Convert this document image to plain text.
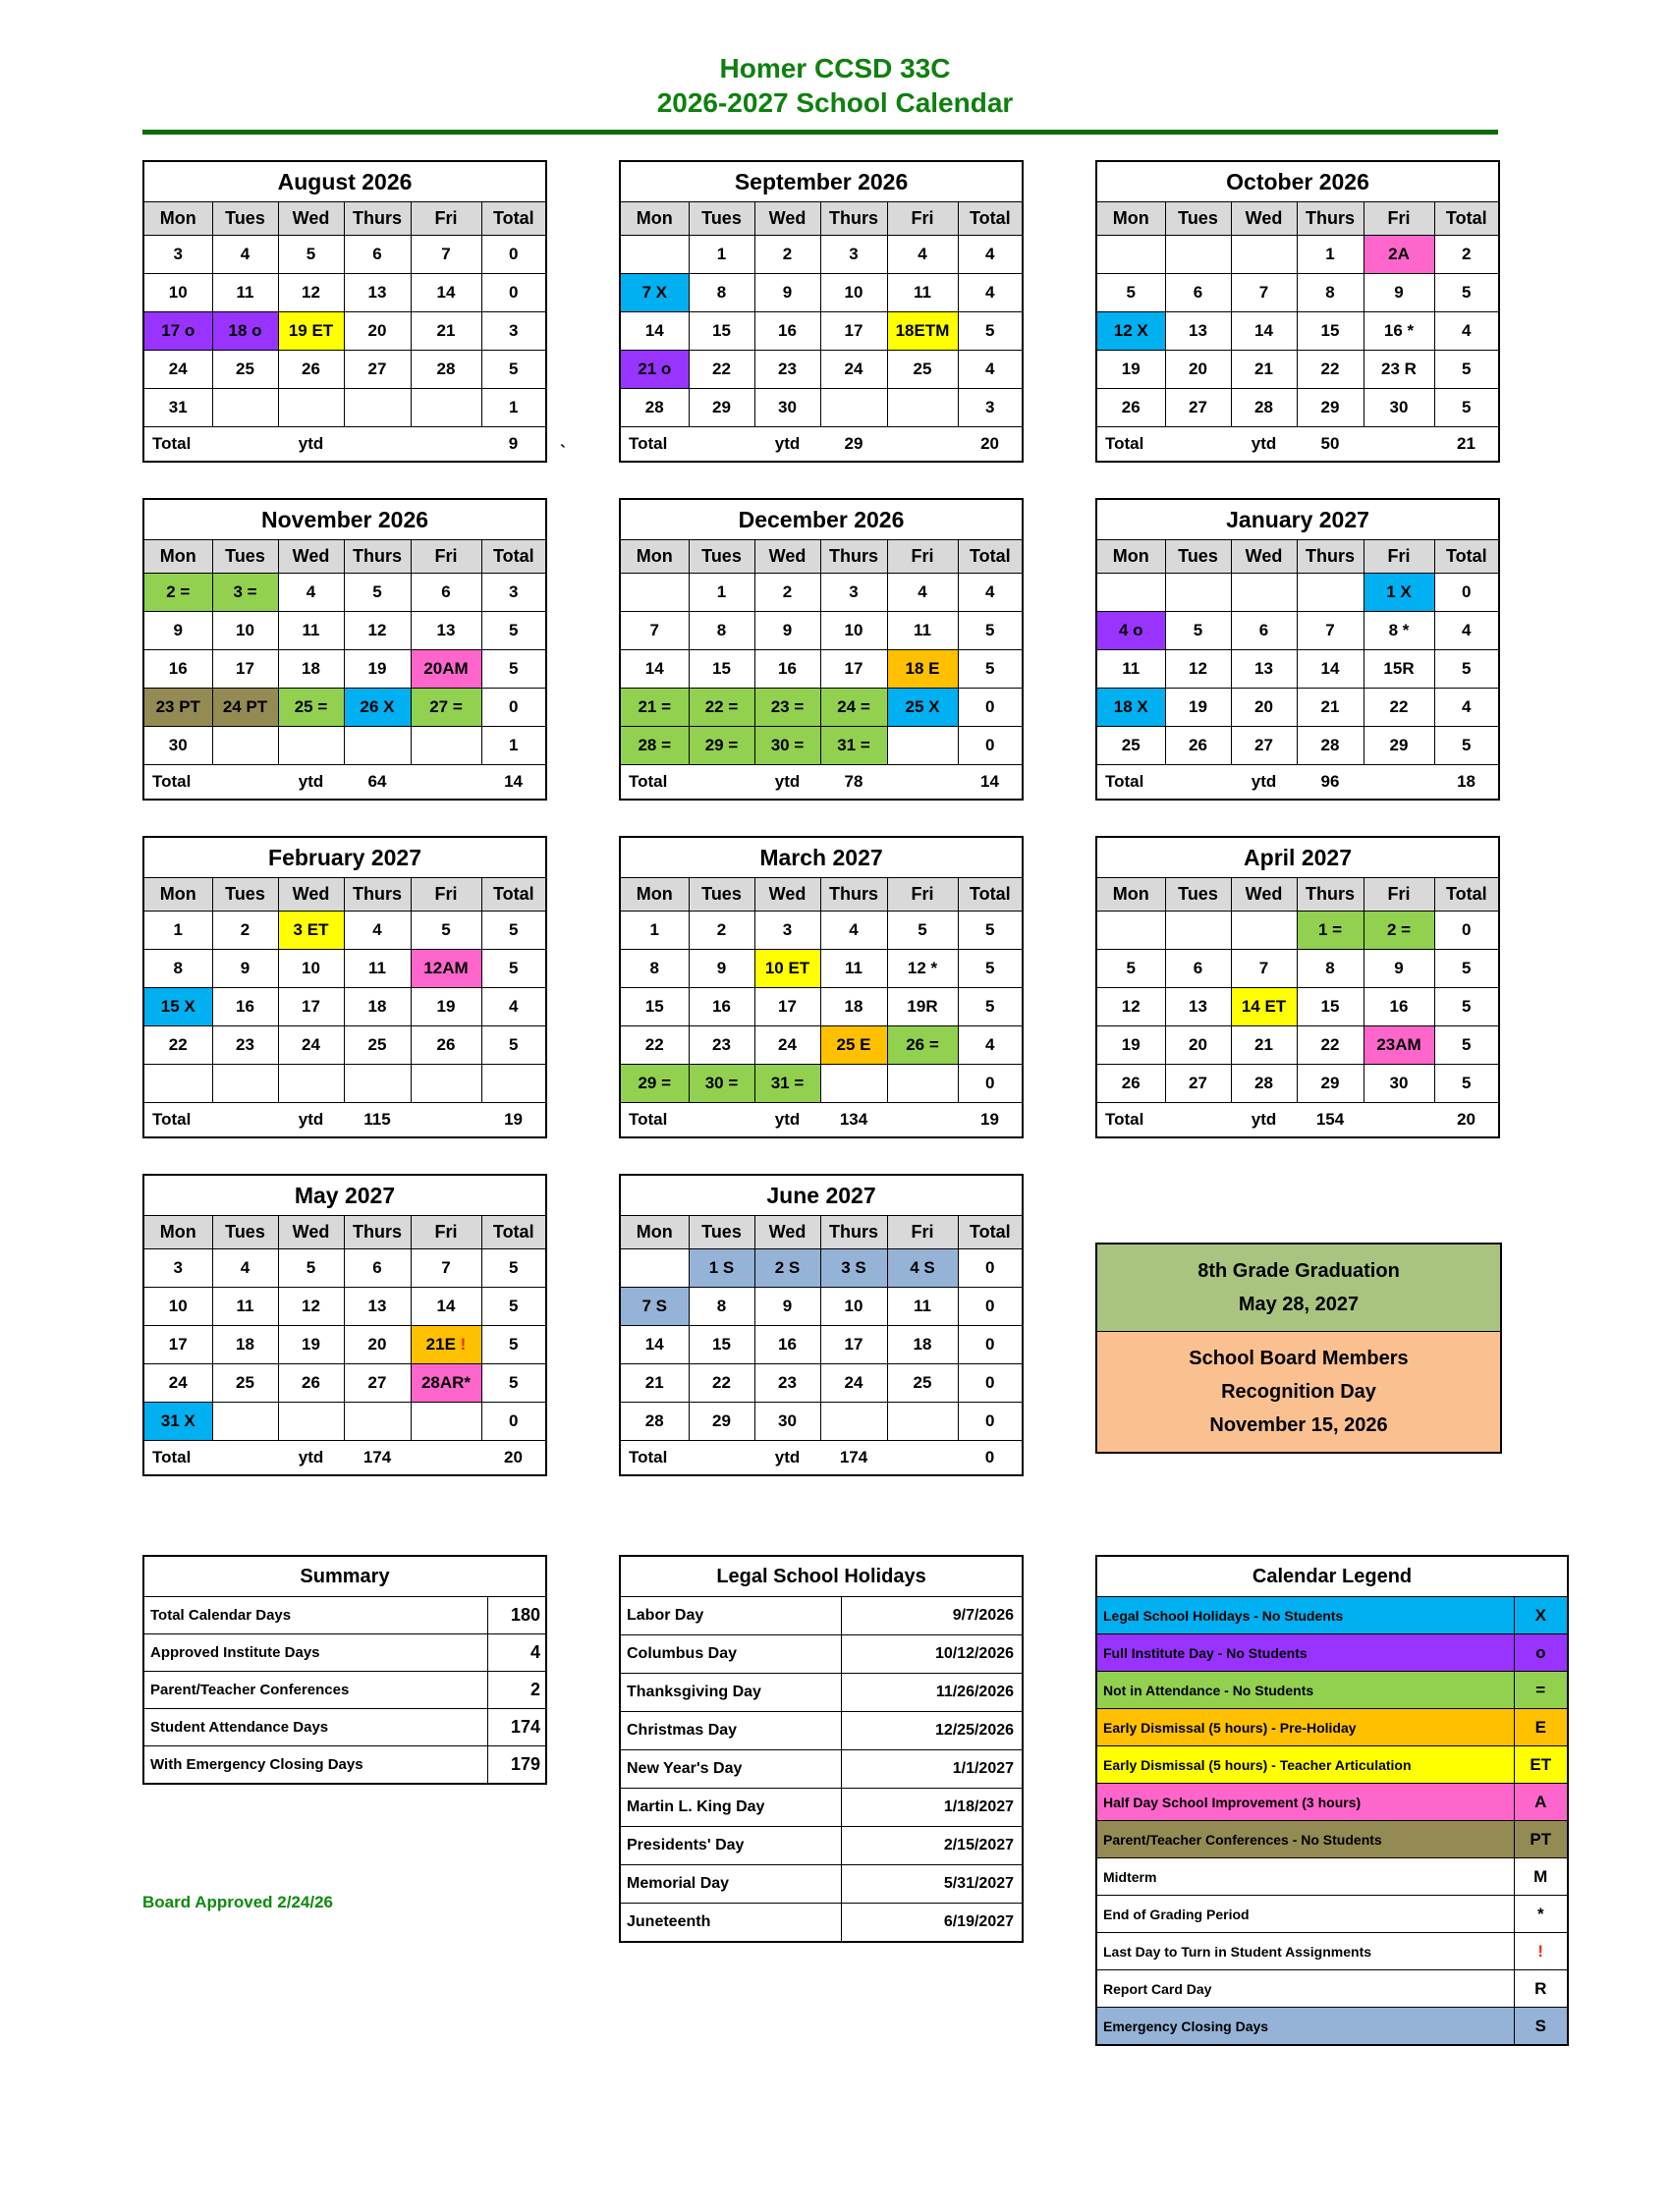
Homer CCSD 33C
2026-2027 School Calendar
August 2026					
Mon	Tues	Wed	Thurs	Fri	Total
3	4	5	6	7	0
10	11	12	13	14	0
17 o	18 o	19 ET	20	21	3
24	25	26	27	28	5
31					1
Total		ytd			9
September 2026					
Mon	Tues	Wed	Thurs	Fri	Total
	1	2	3	4	4
7 X	8	9	10	11	4
14	15	16	17	18ETM	5
21 o	22	23	24	25	4
28	29	30			3
Total		ytd	29		20
October 2026					
Mon	Tues	Wed	Thurs	Fri	Total
			1	2A	2
5	6	7	8	9	5
12 X	13	14	15	16 *	4
19	20	21	22	23 R	5
26	27	28	29	30	5
Total		ytd	50		21
November 2026					
Mon	Tues	Wed	Thurs	Fri	Total
2 =	3 =	4	5	6	3
9	10	11	12	13	5
16	17	18	19	20AM	5
23 PT	24 PT	25 =	26 X	27 =	0
30					1
Total		ytd	64		14
December 2026					
Mon	Tues	Wed	Thurs	Fri	Total
	1	2	3	4	4
7	8	9	10	11	5
14	15	16	17	18 E	5
21 =	22 =	23 =	24 =	25 X	0
28 =	29 =	30 =	31 =		0
Total		ytd	78		14
January 2027					
Mon	Tues	Wed	Thurs	Fri	Total
				1 X	0
4 o	5	6	7	8 *	4
11	12	13	14	15R	5
18 X	19	20	21	22	4
25	26	27	28	29	5
Total		ytd	96		18
February 2027					
Mon	Tues	Wed	Thurs	Fri	Total
1	2	3 ET	4	5	5
8	9	10	11	12AM	5
15 X	16	17	18	19	4
22	23	24	25	26	5

Total		ytd	115		19
March 2027					
Mon	Tues	Wed	Thurs	Fri	Total
1	2	3	4	5	5
8	9	10 ET	11	12 *	5
15	16	17	18	19R	5
22	23	24	25 E	26 =	4
29 =	30 =	31 =			0
Total		ytd	134		19
April 2027					
Mon	Tues	Wed	Thurs	Fri	Total
			1 =	2 =	0
5	6	7	8	9	5
12	13	14 ET	15	16	5
19	20	21	22	23AM	5
26	27	28	29	30	5
Total		ytd	154		20
May 2027					
Mon	Tues	Wed	Thurs	Fri	Total
3	4	5	6	7	5
10	11	12	13	14	5
17	18	19	20	21E !	5
24	25	26	27	28AR*	5
31 X					0
Total		ytd	174		20
June 2027					
Mon	Tues	Wed	Thurs	Fri	Total
	1 S	2 S	3 S	4 S	0
7 S	8	9	10	11	0
14	15	16	17	18	0
21	22	23	24	25	0
28	29	30			0
Total		ytd	174		0
8th Grade Graduation
May 28, 2027
School Board Members
Recognition Day
November 15, 2026
Summary	
Total Calendar Days	180
Approved Institute Days	4
Parent/Teacher Conferences	2
Student Attendance Days	174
With Emergency Closing Days	179
Board Approved 2/24/26
Legal School Holidays	
Labor Day	9/7/2026
Columbus Day	10/12/2026
Thanksgiving Day	11/26/2026
Christmas Day	12/25/2026
New Year's Day	1/1/2027
Martin L. King Day	1/18/2027
Presidents' Day	2/15/2027
Memorial Day	5/31/2027
Juneteenth	6/19/2027
Calendar Legend	
Legal School Holidays - No Students	X
Full Institute Day - No Students	o
Not in Attendance - No Students	=
Early Dismissal (5 hours) - Pre-Holiday	E
Early Dismissal (5 hours) - Teacher Articulation	ET
Half Day School Improvement (3 hours)	A
Parent/Teacher Conferences - No Students	PT
Midterm	M
End of Grading Period	*
Last Day to Turn in Student Assignments	!
Report Card Day	R
Emergency Closing Days	S
`
